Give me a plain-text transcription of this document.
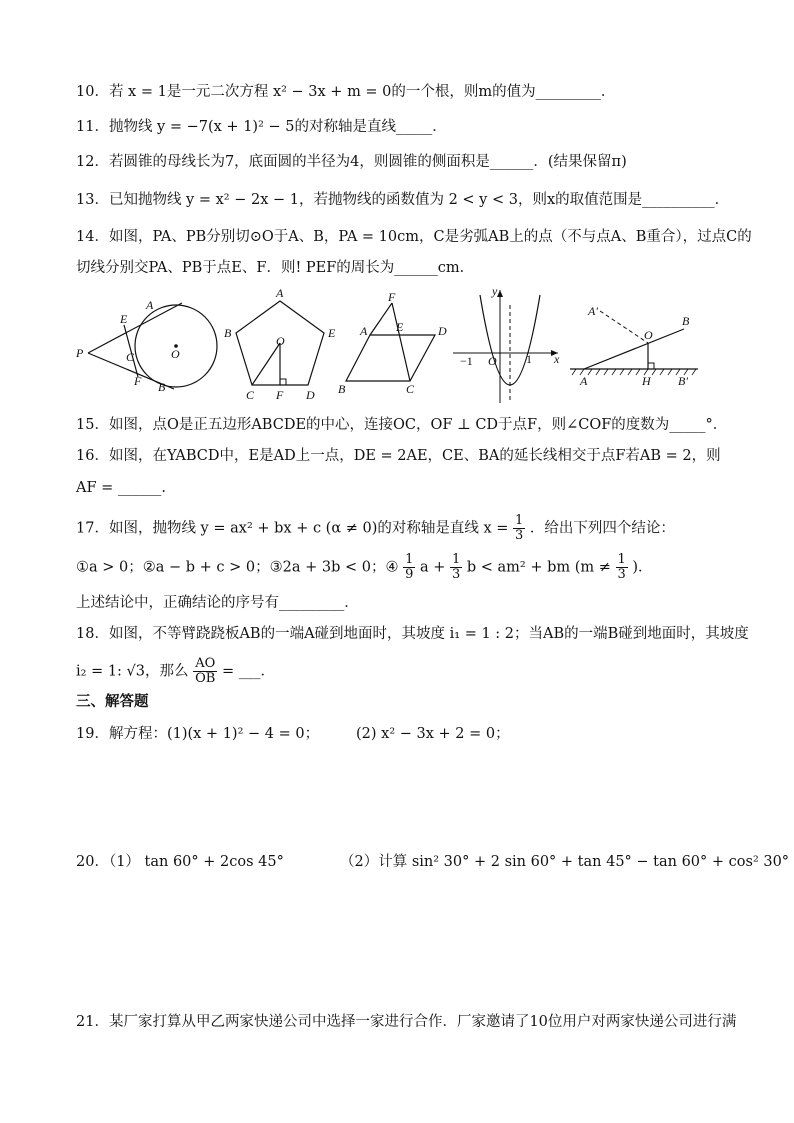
10．若 x = 1是一元二次方程 x² − 3x + m = 0的一个根，则m的值为_________．
11．抛物线 y = −7(x + 1)² − 5的对称轴是直线_____．
12．若圆锥的母线长为7，底面圆的半径为4，则圆锥的侧面积是______．(结果保留π)
13．已知抛物线 y = x² − 2x − 1，若抛物线的函数值为 2 < y < 3，则x的取值范围是__________．
14．如图，PA、PB分别切⊙O于A、B，PA = 10cm，C是劣弧AB上的点（不与点A、B重合），过点C的
切线分别交PA、PB于点E、F．则! PEF的周长为______cm．
P
A
E
C
F B
O
A
B	E
O
C F D
F
A E	D
B	C
y
x
−1 O 1
A′
O
B
A	H B′
15．如图，点O是正五边形ABCDE的中心，连接OC，OF ⊥ CD于点F，则∠COF的度数为_____°．
16．如图，在YABCD中，E是AD上一点，DE = 2AE，CE、BA的延长线相交于点F若AB = 2，则
AF = ______.
17．如图，抛物线 y = ax² + bx + c (α ≠ 0)的对称轴是直线 $x = \frac{1}{3}$ ．给出下列四个结论：
①a > 0；②a − b + c > 0；③2a + 3b < 0；④ $\frac{1}{9}$ $a + \frac{1}{3}$ b < am² + bm ($m \ne \frac{1}{3}$ )．
上述结论中，正确结论的序号有_________．
18．如图，不等臂跷跷板AB的一端A碰到地面时，其坡度 i₁ = 1 : 2；当AB的一端B碰到地面时，其坡度
i₂ = 1: √3，那么 $\frac{AO}{OB}$ = ___．
三、解答题
19．解方程：(1)(x + 1)² − 4 = 0；	(2) x² − 3x + 2 = 0；
20．（1） tan 60° + 2cos 45°	（2）计算 sin² 30° + 2 sin 60° + tan 45° − tan 60° + cos² 30°
21．某厂家打算从甲乙两家快递公司中选择一家进行合作．厂家邀请了10位用户对两家快递公司进行满
